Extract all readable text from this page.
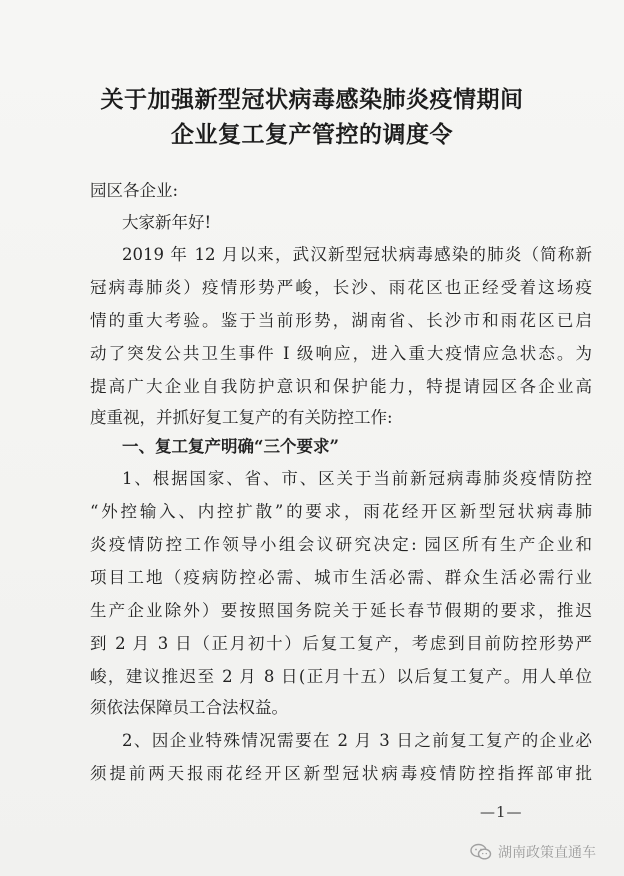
关于加强新型冠状病毒感染肺炎疫情期间
企业复工复产管控的调度令
园区各企业:
大家新年好!
2019 年 12 月以来，武汉新型冠状病毒感染的肺炎（简称新
冠病毒肺炎）疫情形势严峻，长沙、雨花区也正经受着这场疫
情的重大考验。鉴于当前形势，湖南省、长沙市和雨花区已启
动了突发公共卫生事件 I 级响应，进入重大疫情应急状态。为
提高广大企业自我防护意识和保护能力，特提请园区各企业高
度重视，并抓好复工复产的有关防控工作:
一、复工复产明确“三个要求”
1、根据国家、省、市、区关于当前新冠病毒肺炎疫情防控
“外控输入、内控扩散”的要求，雨花经开区新型冠状病毒肺
炎疫情防控工作领导小组会议研究决定: 园区所有生产企业和
项目工地（疫病防控必需、城市生活必需、群众生活必需行业
生产企业除外）要按照国务院关于延长春节假期的要求，推迟
到 2 月 3 日（正月初十）后复工复产，考虑到目前防控形势严
峻，建议推迟至 2 月 8 日(正月十五）以后复工复产。用人单位
须依法保障员工合法权益。
2、因企业特殊情况需要在 2 月 3 日之前复工复产的企业必
须提前两天报雨花经开区新型冠状病毒疫情防控指挥部审批
—1—
湖南政策直通车
